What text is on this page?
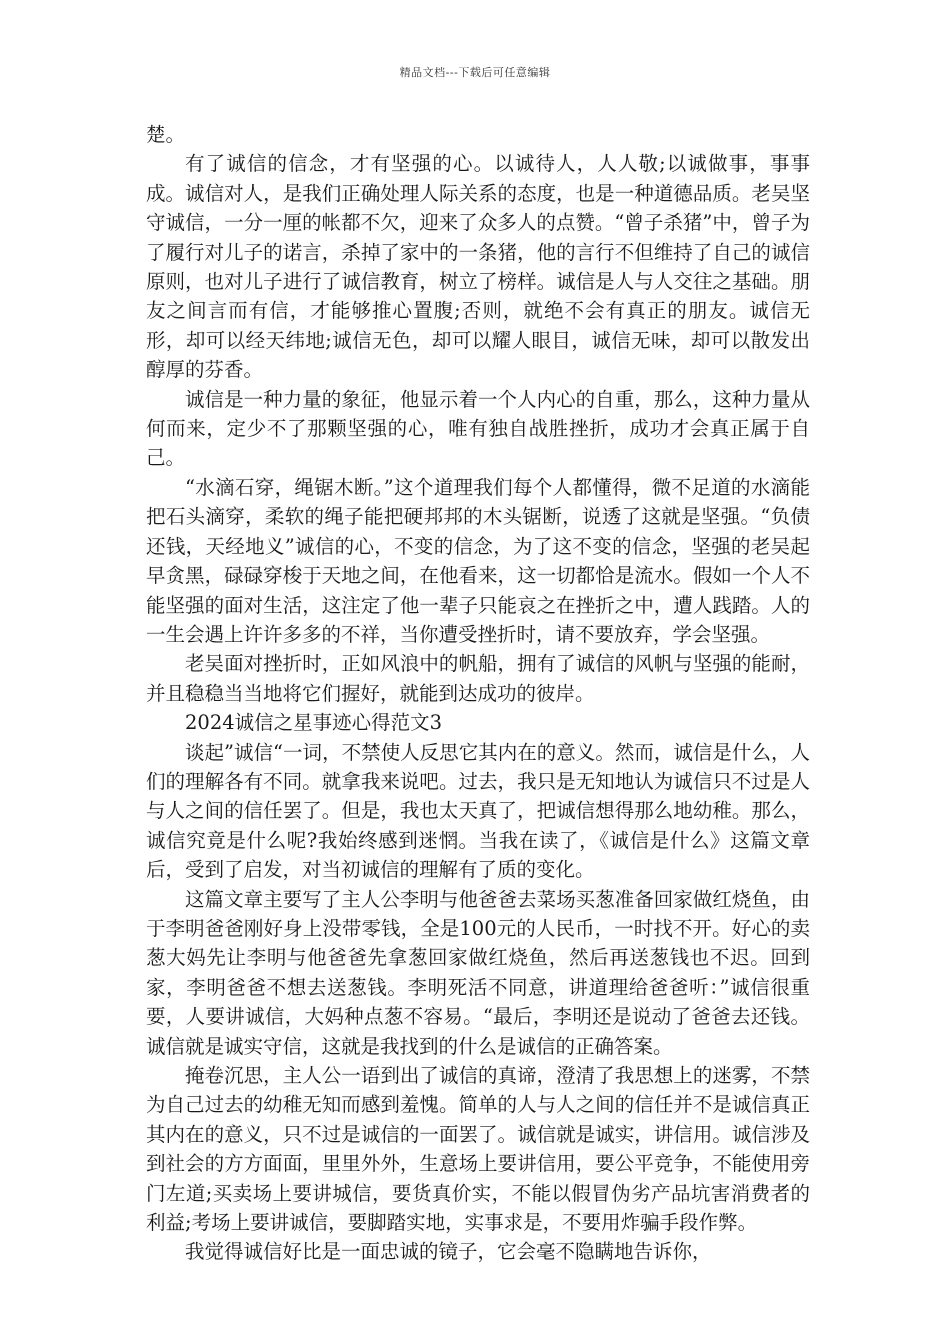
精品文档---下载后可任意编辑

楚。

有了诚信的信念，才有坚强的心。以诚待人，人人敬;以诚做事，事事成。诚信对人，是我们正确处理人际关系的态度，也是一种道德品质。老吴坚守诚信，一分一厘的帐都不欠，迎来了众多人的点赞。“曾子杀猪”中，曾子为了履行对儿子的诺言，杀掉了家中的一条猪，他的言行不但维持了自己的诚信原则，也对儿子进行了诚信教育，树立了榜样。诚信是人与人交往之基础。朋友之间言而有信，才能够推心置腹;否则，就绝不会有真正的朋友。诚信无形，却可以经天纬地;诚信无色，却可以耀人眼目，诚信无味，却可以散发出醇厚的芬香。

诚信是一种力量的象征，他显示着一个人内心的自重，那么，这种力量从何而来，定少不了那颗坚强的心，唯有独自战胜挫折，成功才会真正属于自己。

“水滴石穿，绳锯木断。”这个道理我们每个人都懂得，微不足道的水滴能把石头滴穿，柔软的绳子能把硬邦邦的木头锯断，说透了这就是坚强。“负债还钱，天经地义”诚信的心，不变的信念，为了这不变的信念，坚强的老吴起早贪黑，碌碌穿梭于天地之间，在他看来，这一切都恰是流水。假如一个人不能坚强的面对生活，这注定了他一辈子只能哀之在挫折之中，遭人践踏。人的一生会遇上许许多多的不祥，当你遭受挫折时，请不要放弃，学会坚强。

老吴面对挫折时，正如风浪中的帆船，拥有了诚信的风帆与坚强的能耐，并且稳稳当当地将它们握好，就能到达成功的彼岸。

2024诚信之星事迹心得范文3

谈起”诚信“一词，不禁使人反思它其内在的意义。然而，诚信是什么，人们的理解各有不同。就拿我来说吧。过去，我只是无知地认为诚信只不过是人与人之间的信任罢了。但是，我也太天真了，把诚信想得那么地幼稚。那么，诚信究竟是什么呢?我始终感到迷惘。当我在读了，《诚信是什么》这篇文章后，受到了启发，对当初诚信的理解有了质的变化。

这篇文章主要写了主人公李明与他爸爸去菜场买葱准备回家做红烧鱼，由于李明爸爸刚好身上没带零钱，全是100元的人民币，一时找不开。好心的卖葱大妈先让李明与他爸爸先拿葱回家做红烧鱼，然后再送葱钱也不迟。回到家，李明爸爸不想去送葱钱。李明死活不同意，讲道理给爸爸听：”诚信很重要，人要讲诚信，大妈种点葱不容易。“最后，李明还是说动了爸爸去还钱。诚信就是诚实守信，这就是我找到的什么是诚信的正确答案。

掩卷沉思，主人公一语到出了诚信的真谛，澄清了我思想上的迷雾，不禁为自己过去的幼稚无知而感到羞愧。简单的人与人之间的信任并不是诚信真正其内在的意义，只不过是诚信的一面罢了。诚信就是诚实，讲信用。诚信涉及到社会的方方面面，里里外外，生意场上要讲信用，要公平竞争，不能使用旁门左道;买卖场上要讲城信，要货真价实，不能以假冒伪劣产品坑害消费者的利益;考场上要讲诚信，要脚踏实地，实事求是，不要用炸骗手段作弊。

我觉得诚信好比是一面忠诚的镜子，它会毫不隐瞒地告诉你，
